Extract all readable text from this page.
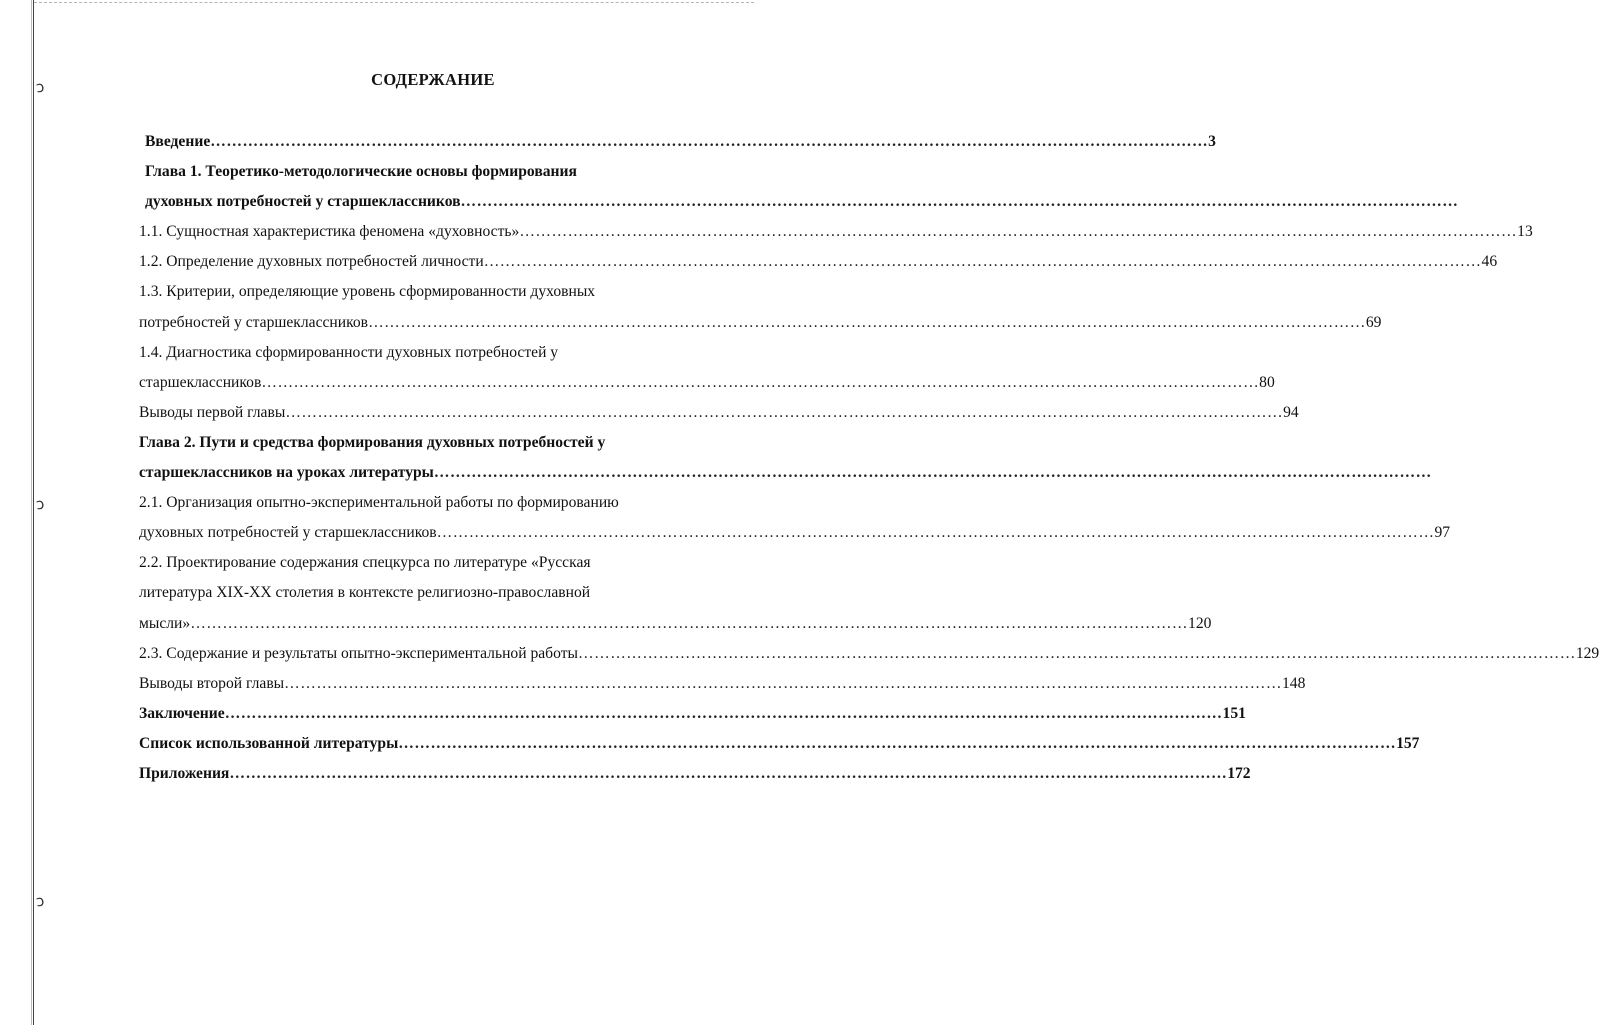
ↄ
ↄ
ↄ
СОДЕРЖАНИЕ
Введение …………………………………………………………………………………………………………………………………………………………………… 3
Глава 1. Теоретико-методологические основы формирования
духовных потребностей у старшеклассников ……………………………………………………………………………………………………………………………………………………………………
1.1. Сущностная характеристика феномена «духовность» …………………………………………………………………………………………………………………………………………………………………… 13
1.2. Определение духовных потребностей личности …………………………………………………………………………………………………………………………………………………………………… 46
1.3. Критерии, определяющие уровень сформированности духовных
потребностей у старшеклассников …………………………………………………………………………………………………………………………………………………………………… 69
1.4. Диагностика сформированности духовных потребностей у
старшеклассников …………………………………………………………………………………………………………………………………………………………………… 80
Выводы первой главы …………………………………………………………………………………………………………………………………………………………………… 94
Глава 2. Пути и средства формирования духовных потребностей у
старшеклассников на уроках литературы ……………………………………………………………………………………………………………………………………………………………………
2.1. Организация опытно-экспериментальной работы по формированию
духовных потребностей у старшеклассников …………………………………………………………………………………………………………………………………………………………………… 97
2.2. Проектирование содержания спецкурса по литературе «Русская
литература XIX-XX столетия в контексте религиозно-православной
мысли» …………………………………………………………………………………………………………………………………………………………………… 120
2.3. Содержание и результаты опытно-экспериментальной работы …………………………………………………………………………………………………………………………………………………………………… 129
Выводы второй главы …………………………………………………………………………………………………………………………………………………………………… 148
Заключение …………………………………………………………………………………………………………………………………………………………………… 151
Список использованной литературы …………………………………………………………………………………………………………………………………………………………………… 157
Приложения …………………………………………………………………………………………………………………………………………………………………… 172
